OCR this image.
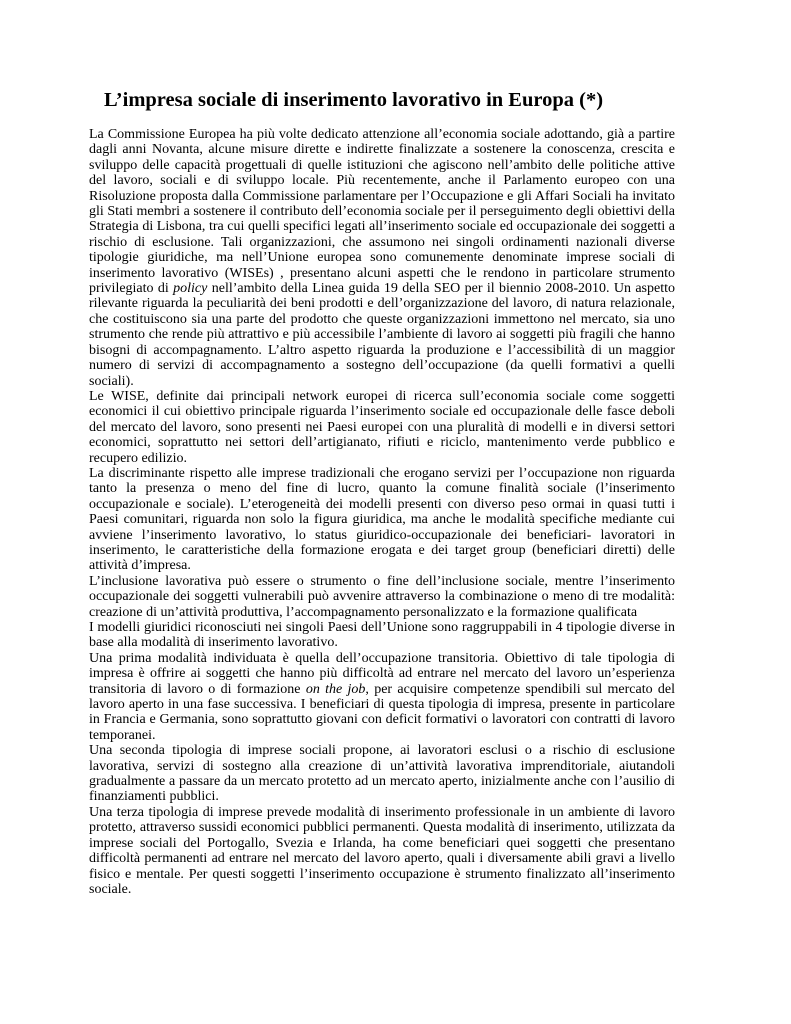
L’impresa sociale di inserimento lavorativo in Europa (*)

La Commissione Europea ha più volte dedicato attenzione all’economia sociale adottando, già a partire dagli anni Novanta, alcune misure dirette e indirette finalizzate a sostenere la conoscenza, crescita e sviluppo delle capacità progettuali di quelle istituzioni che agiscono nell’ambito delle politiche attive del lavoro, sociali e di sviluppo locale. Più recentemente, anche il Parlamento europeo con una Risoluzione proposta dalla Commissione parlamentare per l’Occupazione e gli Affari Sociali ha invitato gli Stati membri a sostenere il contributo dell’economia sociale per il perseguimento degli obiettivi della Strategia di Lisbona, tra cui quelli specifici legati all’inserimento sociale ed occupazionale dei soggetti a rischio di esclusione. Tali organizzazioni, che assumono nei singoli ordinamenti nazionali diverse tipologie giuridiche, ma nell’Unione europea sono comunemente denominate imprese sociali di inserimento lavorativo (WISEs) , presentano alcuni aspetti che le rendono in particolare strumento privilegiato di policy nell’ambito della Linea guida 19 della SEO per il biennio 2008-2010. Un aspetto rilevante riguarda la peculiarità dei beni prodotti e dell’organizzazione del lavoro, di natura relazionale, che costituiscono sia una parte del prodotto che queste organizzazioni immettono nel mercato, sia uno strumento che rende più attrattivo e più accessibile l’ambiente di lavoro ai soggetti più fragili che hanno bisogni di accompagnamento. L’altro aspetto riguarda la produzione e l’accessibilità di un maggior numero di servizi di accompagnamento a sostegno dell’occupazione (da quelli formativi a quelli sociali).

Le WISE, definite dai principali network europei di ricerca sull’economia sociale come soggetti economici il cui obiettivo principale riguarda l’inserimento sociale ed occupazionale delle fasce deboli del mercato del lavoro, sono presenti nei Paesi europei con una pluralità di modelli e in diversi settori economici, soprattutto nei settori dell’artigianato, rifiuti e riciclo, mantenimento verde pubblico e recupero edilizio.

La discriminante rispetto alle imprese tradizionali che erogano servizi per l’occupazione non riguarda tanto la presenza o meno del fine di lucro, quanto la comune finalità sociale (l’inserimento occupazionale e sociale). L’eterogeneità dei modelli presenti con diverso peso ormai in quasi tutti i Paesi comunitari, riguarda non solo la figura giuridica, ma anche le modalità specifiche mediante cui avviene l’inserimento lavorativo, lo status giuridico-occupazionale dei beneficiari- lavoratori in inserimento, le caratteristiche della formazione erogata e dei target group (beneficiari diretti) delle attività d’impresa.

L’inclusione lavorativa può essere o strumento o fine dell’inclusione sociale, mentre l’inserimento occupazionale dei soggetti vulnerabili può avvenire attraverso la combinazione o meno di tre modalità: creazione di un’attività produttiva, l’accompagnamento personalizzato e la formazione qualificata

I modelli giuridici riconosciuti nei singoli Paesi dell’Unione sono raggruppabili in 4 tipologie diverse in base alla modalità di inserimento lavorativo.

Una prima modalità individuata è quella dell’occupazione transitoria. Obiettivo di tale tipologia di impresa è offrire ai soggetti che hanno più difficoltà ad entrare nel mercato del lavoro un’esperienza transitoria di lavoro o di formazione on the job, per acquisire competenze spendibili sul mercato del lavoro aperto in una fase successiva. I beneficiari di questa tipologia di impresa, presente in particolare in Francia e Germania, sono soprattutto giovani con deficit formativi o lavoratori con contratti di lavoro temporanei.

Una seconda tipologia di imprese sociali propone, ai lavoratori esclusi o a rischio di esclusione lavorativa, servizi di sostegno alla creazione di un’attività lavorativa imprenditoriale, aiutandoli gradualmente a passare da un mercato protetto ad un mercato aperto, inizialmente anche con l’ausilio di finanziamenti pubblici.

Una terza tipologia di imprese prevede modalità di inserimento professionale in un ambiente di lavoro protetto, attraverso sussidi economici pubblici permanenti. Questa modalità di inserimento, utilizzata da imprese sociali del Portogallo, Svezia e Irlanda, ha come beneficiari quei soggetti che presentano difficoltà permanenti ad entrare nel mercato del lavoro aperto, quali i diversamente abili gravi a livello fisico e mentale. Per questi soggetti l’inserimento occupazione è strumento finalizzato all’inserimento sociale.
